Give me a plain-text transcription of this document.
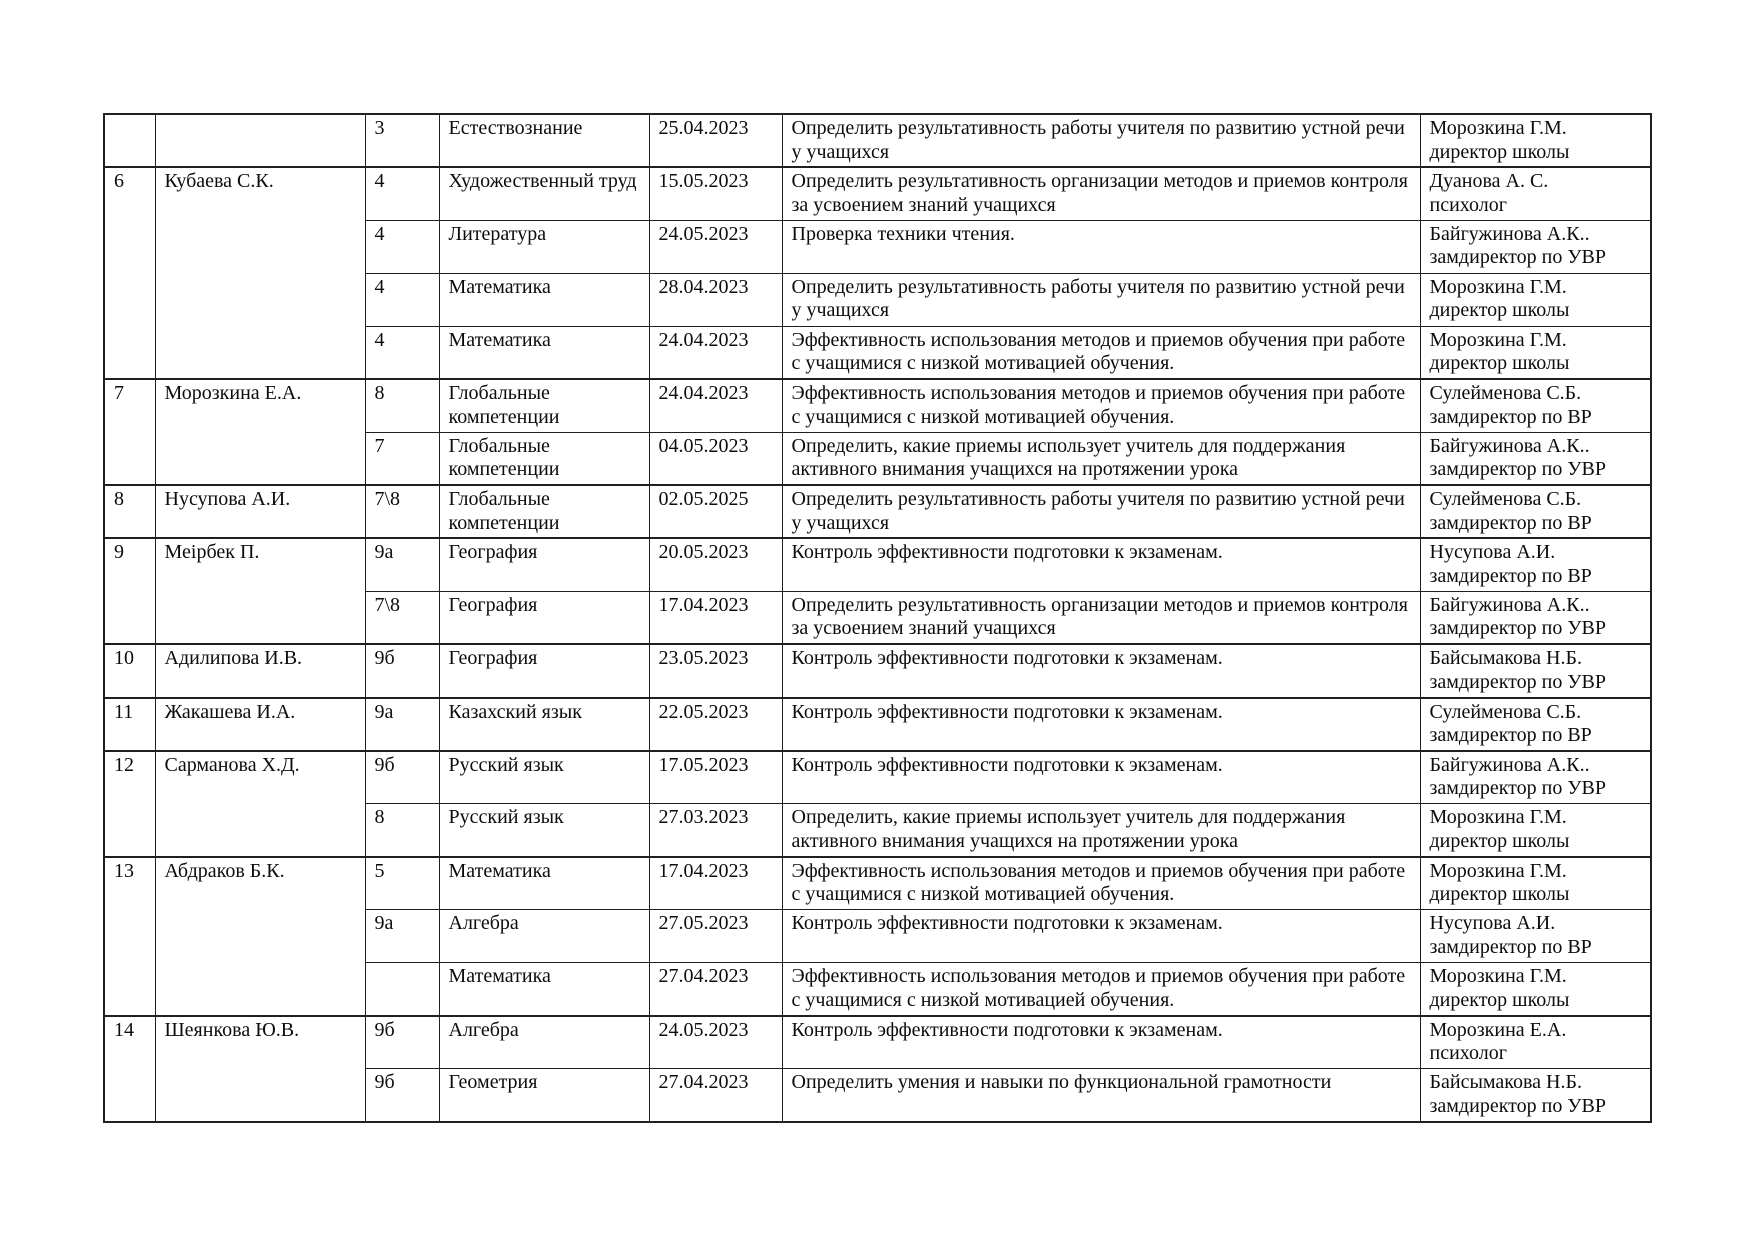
		3	Естествознание	25.04.2023	Определить результативность работы учителя по развитию устной речи у учащихся	Морозкина Г.М.
директор школы

6	Кубаева С.К.	4	Художественный труд	15.05.2023	Определить результативность организации методов и приемов контроля за усвоением знаний учащихся	Дуанова А. С.
психолог

		4	Литература	24.05.2023	Проверка техники чтения.	Байгужинова А.К..
замдиректор по УВР

		4	Математика	28.04.2023	Определить результативность работы учителя по развитию устной речи у учащихся	Морозкина Г.М.
директор школы

		4	Математика	24.04.2023	Эффективность использования методов и приемов обучения при работе с учащимися с низкой мотивацией обучения.	Морозкина Г.М.
директор школы

7	Морозкина Е.А.	8	Глобальные компетенции	24.04.2023	Эффективность использования методов и приемов обучения при работе с учащимися с низкой мотивацией обучения.	Сулейменова С.Б.
замдиректор по ВР

		7	Глобальные компетенции	04.05.2023	Определить, какие приемы использует учитель для поддержания активного внимания учащихся на протяжении урока	Байгужинова А.К..
замдиректор по УВР

8	Нусупова А.И.	7\8	Глобальные компетенции	02.05.2025	Определить результативность работы учителя по развитию устной речи у учащихся	Сулейменова С.Б.
замдиректор по ВР

9	Меірбек П.	9а	География	20.05.2023	Контроль эффективности подготовки к экзаменам.	Нусупова А.И.
замдиректор по ВР

		7\8	География	17.04.2023	Определить результативность организации методов и приемов контроля за усвоением знаний учащихся	Байгужинова А.К..
замдиректор по УВР

10	Адилипова И.В.	9б	География	23.05.2023	Контроль эффективности подготовки к экзаменам.	Байсымакова Н.Б.
замдиректор по УВР

11	Жакашева И.А.	9а	Казахский язык	22.05.2023	Контроль эффективности подготовки к экзаменам.	Сулейменова С.Б.
замдиректор по ВР

12	Сарманова Х.Д.	9б	Русский язык	17.05.2023	Контроль эффективности подготовки к экзаменам.	Байгужинова А.К..
замдиректор по УВР

		8	Русский язык	27.03.2023	Определить, какие приемы использует учитель для поддержания активного внимания учащихся на протяжении урока	Морозкина Г.М.
директор школы

13	Абдраков Б.К.	5	Математика	17.04.2023	Эффективность использования методов и приемов обучения при работе с учащимися с низкой мотивацией обучения.	Морозкина Г.М.
директор школы

		9а	Алгебра	27.05.2023	Контроль эффективности подготовки к экзаменам.	Нусупова А.И.
замдиректор по ВР

			Математика	27.04.2023	Эффективность использования методов и приемов обучения при работе с учащимися с низкой мотивацией обучения.	Морозкина Г.М.
директор школы

14	Шеянкова Ю.В.	9б	Алгебра	24.05.2023	Контроль эффективности подготовки к экзаменам.	Морозкина Е.А.
психолог

		9б	Геометрия	27.04.2023	Определить умения и навыки по функциональной грамотности	Байсымакова Н.Б.
замдиректор по УВР
